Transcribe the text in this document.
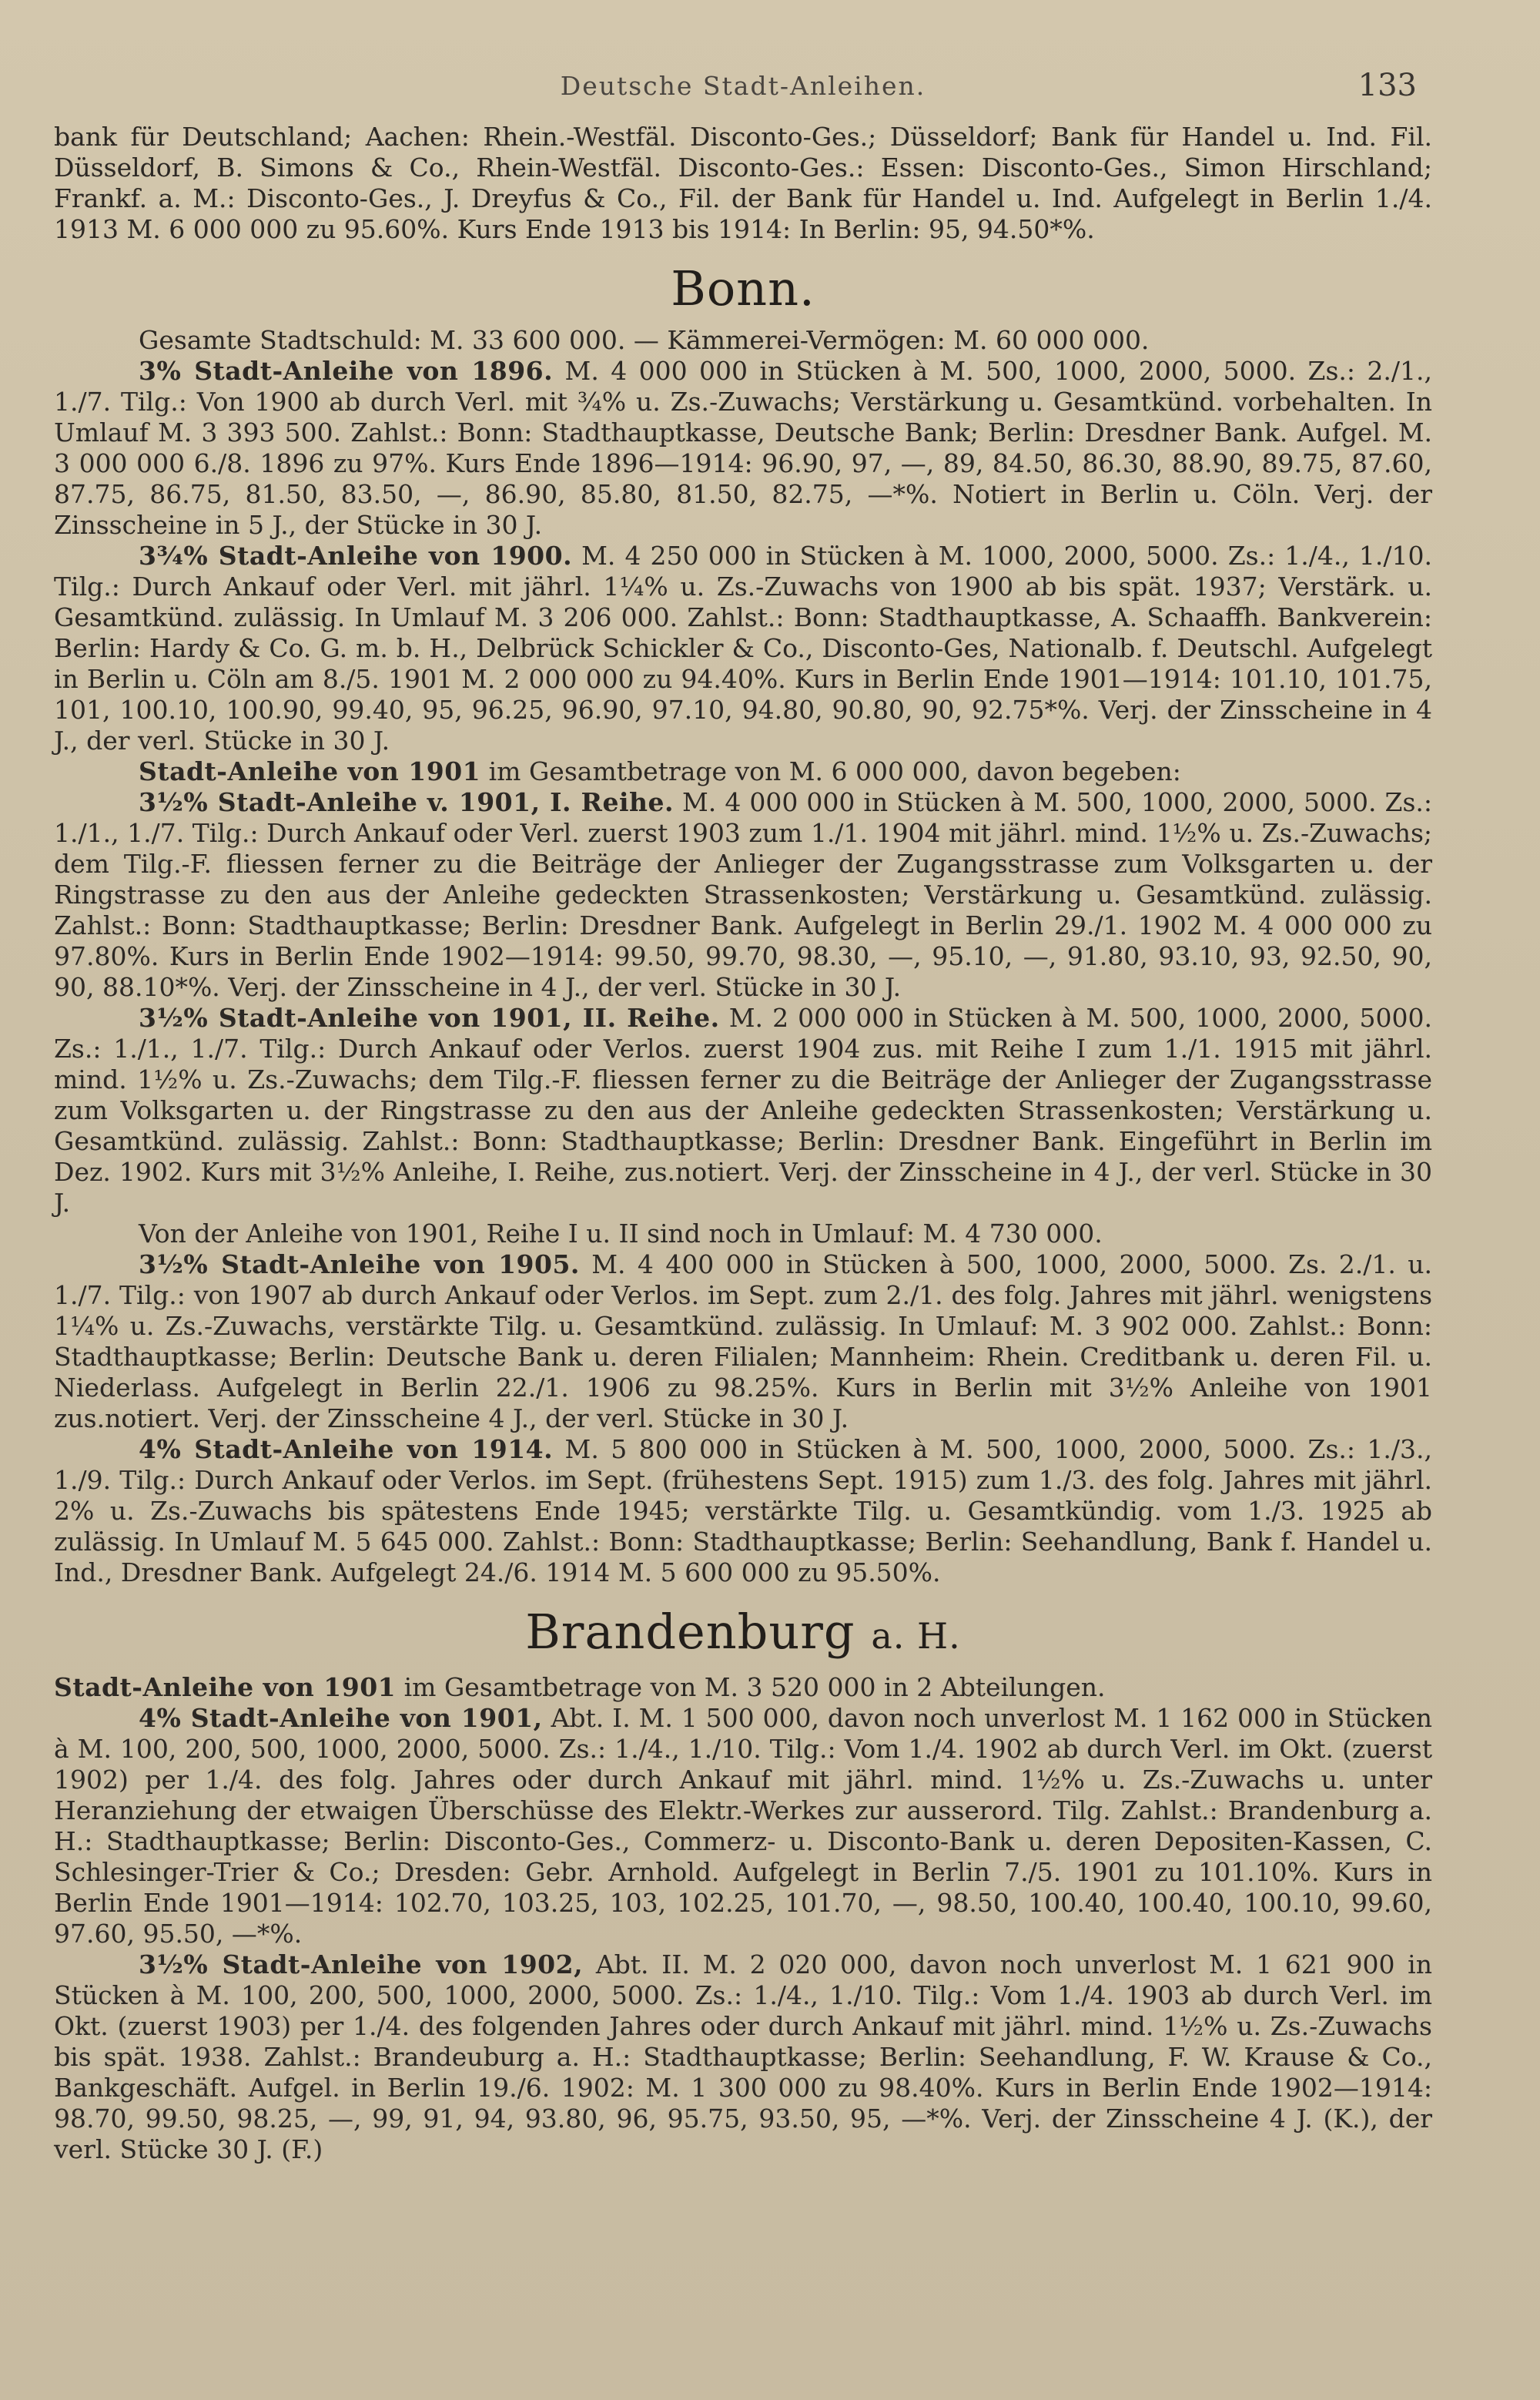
Deutsche Stadt-Anleihen.	133

bank für Deutschland; Aachen: Rhein.-Westfäl. Disconto-Ges.; Düsseldorf; Bank für Handel u. Ind. Fil. Düsseldorf, B. Simons & Co., Rhein-Westfäl. Disconto-Ges.: Essen: Disconto-Ges., Simon Hirschland; Frankf. a. M.: Disconto-Ges., J. Dreyfus & Co., Fil. der Bank für Handel u. Ind. Aufgelegt in Berlin 1./4. 1913 M. 6 000 000 zu 95.60%. Kurs Ende 1913 bis 1914: In Berlin: 95, 94.50*%.

Bonn.

Gesamte Stadtschuld: M. 33 600 000. — Kämmerei-Vermögen: M. 60 000 000.

3% Stadt-Anleihe von 1896. M. 4 000 000 in Stücken à M. 500, 1000, 2000, 5000. Zs.: 2./1., 1./7. Tilg.: Von 1900 ab durch Verl. mit ¾% u. Zs.-Zuwachs; Verstärkung u. Gesamtkünd. vorbehalten. In Umlauf M. 3 393 500. Zahlst.: Bonn: Stadthauptkasse, Deutsche Bank; Berlin: Dresdner Bank. Aufgel. M. 3 000 000 6./8. 1896 zu 97%. Kurs Ende 1896—1914: 96.90, 97, —, 89, 84.50, 86.30, 88.90, 89.75, 87.60, 87.75, 86.75, 81.50, 83.50, —, 86.90, 85.80, 81.50, 82.75, —*%. Notiert in Berlin u. Cöln. Verj. der Zinsscheine in 5 J., der Stücke in 30 J.

3¾% Stadt-Anleihe von 1900. M. 4 250 000 in Stücken à M. 1000, 2000, 5000. Zs.: 1./4., 1./10. Tilg.: Durch Ankauf oder Verl. mit jährl. 1¼% u. Zs.-Zuwachs von 1900 ab bis spät. 1937; Verstärk. u. Gesamtkünd. zulässig. In Umlauf M. 3 206 000. Zahlst.: Bonn: Stadthauptkasse, A. Schaaffh. Bankverein: Berlin: Hardy & Co. G. m. b. H., Delbrück Schickler & Co., Disconto-Ges, Nationalb. f. Deutschl. Aufgelegt in Berlin u. Cöln am 8./5. 1901 M. 2 000 000 zu 94.40%. Kurs in Berlin Ende 1901—1914: 101.10, 101.75, 101, 100.10, 100.90, 99.40, 95, 96.25, 96.90, 97.10, 94.80, 90.80, 90, 92.75*%. Verj. der Zinsscheine in 4 J., der verl. Stücke in 30 J.

Stadt-Anleihe von 1901 im Gesamtbetrage von M. 6 000 000, davon begeben:

3½% Stadt-Anleihe v. 1901, I. Reihe. M. 4 000 000 in Stücken à M. 500, 1000, 2000, 5000. Zs.: 1./1., 1./7. Tilg.: Durch Ankauf oder Verl. zuerst 1903 zum 1./1. 1904 mit jährl. mind. 1½% u. Zs.-Zuwachs; dem Tilg.-F. fliessen ferner zu die Beiträge der Anlieger der Zugangsstrasse zum Volksgarten u. der Ringstrasse zu den aus der Anleihe gedeckten Strassenkosten; Verstärkung u. Gesamtkünd. zulässig. Zahlst.: Bonn: Stadthauptkasse; Berlin: Dresdner Bank. Aufgelegt in Berlin 29./1. 1902 M. 4 000 000 zu 97.80%. Kurs in Berlin Ende 1902—1914: 99.50, 99.70, 98.30, —, 95.10, —, 91.80, 93.10, 93, 92.50, 90, 90, 88.10*%. Verj. der Zinsscheine in 4 J., der verl. Stücke in 30 J.

3½% Stadt-Anleihe von 1901, II. Reihe. M. 2 000 000 in Stücken à M. 500, 1000, 2000, 5000. Zs.: 1./1., 1./7. Tilg.: Durch Ankauf oder Verlos. zuerst 1904 zus. mit Reihe I zum 1./1. 1915 mit jährl. mind. 1½% u. Zs.-Zuwachs; dem Tilg.-F. fliessen ferner zu die Beiträge der Anlieger der Zugangsstrasse zum Volksgarten u. der Ringstrasse zu den aus der Anleihe gedeckten Strassenkosten; Verstärkung u. Gesamtkünd. zulässig. Zahlst.: Bonn: Stadthauptkasse; Berlin: Dresdner Bank. Eingeführt in Berlin im Dez. 1902. Kurs mit 3½% Anleihe, I. Reihe, zus.notiert. Verj. der Zinsscheine in 4 J., der verl. Stücke in 30 J.

Von der Anleihe von 1901, Reihe I u. II sind noch in Umlauf: M. 4 730 000.

3½% Stadt-Anleihe von 1905. M. 4 400 000 in Stücken à 500, 1000, 2000, 5000. Zs. 2./1. u. 1./7. Tilg.: von 1907 ab durch Ankauf oder Verlos. im Sept. zum 2./1. des folg. Jahres mit jährl. wenigstens 1¼% u. Zs.-Zuwachs, verstärkte Tilg. u. Gesamtkünd. zulässig. In Umlauf: M. 3 902 000. Zahlst.: Bonn: Stadthauptkasse; Berlin: Deutsche Bank u. deren Filialen; Mannheim: Rhein. Creditbank u. deren Fil. u. Niederlass. Aufgelegt in Berlin 22./1. 1906 zu 98.25%. Kurs in Berlin mit 3½% Anleihe von 1901 zus.notiert. Verj. der Zinsscheine 4 J., der verl. Stücke in 30 J.

4% Stadt-Anleihe von 1914. M. 5 800 000 in Stücken à M. 500, 1000, 2000, 5000. Zs.: 1./3., 1./9. Tilg.: Durch Ankauf oder Verlos. im Sept. (frühestens Sept. 1915) zum 1./3. des folg. Jahres mit jährl. 2% u. Zs.-Zuwachs bis spätestens Ende 1945; verstärkte Tilg. u. Gesamtkündig. vom 1./3. 1925 ab zulässig. In Umlauf M. 5 645 000. Zahlst.: Bonn: Stadthauptkasse; Berlin: Seehandlung, Bank f. Handel u. Ind., Dresdner Bank. Aufgelegt 24./6. 1914 M. 5 600 000 zu 95.50%.

Brandenburg a. H.

Stadt-Anleihe von 1901 im Gesamtbetrage von M. 3 520 000 in 2 Abteilungen.

4% Stadt-Anleihe von 1901, Abt. I. M. 1 500 000, davon noch unverlost M. 1 162 000 in Stücken à M. 100, 200, 500, 1000, 2000, 5000. Zs.: 1./4., 1./10. Tilg.: Vom 1./4. 1902 ab durch Verl. im Okt. (zuerst 1902) per 1./4. des folg. Jahres oder durch Ankauf mit jährl. mind. 1½% u. Zs.-Zuwachs u. unter Heranziehung der etwaigen Überschüsse des Elektr.-Werkes zur ausserord. Tilg. Zahlst.: Brandenburg a. H.: Stadthauptkasse; Berlin: Disconto-Ges., Commerz- u. Disconto-Bank u. deren Depositen-Kassen, C. Schlesinger-Trier & Co.; Dresden: Gebr. Arnhold. Aufgelegt in Berlin 7./5. 1901 zu 101.10%. Kurs in Berlin Ende 1901—1914: 102.70, 103.25, 103, 102.25, 101.70, —, 98.50, 100.40, 100.40, 100.10, 99.60, 97.60, 95.50, —*%.

3½% Stadt-Anleihe von 1902, Abt. II. M. 2 020 000, davon noch unverlost M. 1 621 900 in Stücken à M. 100, 200, 500, 1000, 2000, 5000. Zs.: 1./4., 1./10. Tilg.: Vom 1./4. 1903 ab durch Verl. im Okt. (zuerst 1903) per 1./4. des folgenden Jahres oder durch Ankauf mit jährl. mind. 1½% u. Zs.-Zuwachs bis spät. 1938. Zahlst.: Brandeuburg a. H.: Stadthauptkasse; Berlin: Seehandlung, F. W. Krause & Co., Bankgeschäft. Aufgel. in Berlin 19./6. 1902: M. 1 300 000 zu 98.40%. Kurs in Berlin Ende 1902—1914: 98.70, 99.50, 98.25, —, 99, 91, 94, 93.80, 96, 95.75, 93.50, 95, —*%. Verj. der Zinsscheine 4 J. (K.), der verl. Stücke 30 J. (F.)
